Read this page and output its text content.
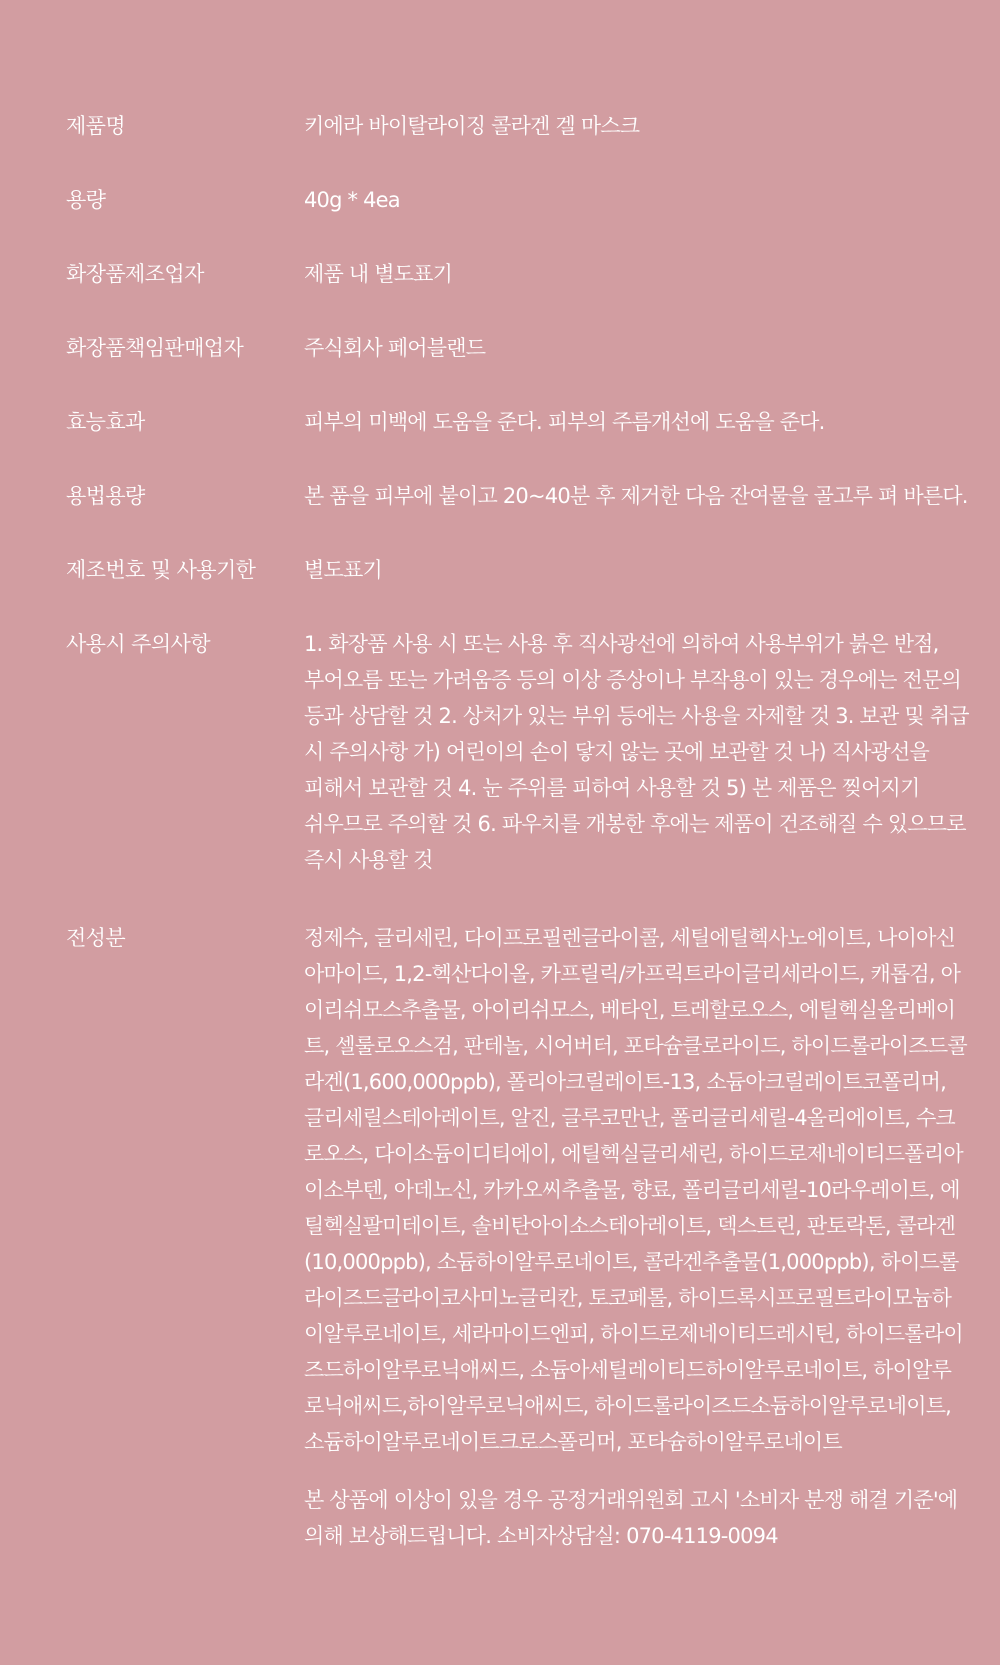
제품명	키에라 바이탈라이징 콜라겐 겔 마스크
용량	40g * 4ea
화장품제조업자	제품 내 별도표기
화장품책임판매업자	주식회사 페어블랜드
효능효과	피부의 미백에 도움을 준다. 피부의 주름개선에 도움을 준다.
용법용량	본 품을 피부에 붙이고 20~40분 후 제거한 다음 잔여물을 골고루 펴 바른다.
제조번호 및 사용기한	별도표기
사용시 주의사항	1. 화장품 사용 시 또는 사용 후 직사광선에 의하여 사용부위가 붉은 반점, 부어오름 또는 가려움증 등의 이상 증상이나 부작용이 있는 경우에는 전문의 등과 상담할 것 2. 상처가 있는 부위 등에는 사용을 자제할 것 3. 보관 및 취급 시 주의사항 가) 어린이의 손이 닿지 않는 곳에 보관할 것 나) 직사광선을 피해서 보관할 것 4. 눈 주위를 피하여 사용할 것 5) 본 제품은 찢어지기 쉬우므로 주의할 것 6. 파우치를 개봉한 후에는 제품이 건조해질 수 있으므로 즉시 사용할 것
전성분	정제수, 글리세린, 다이프로필렌글라이콜, 세틸에틸헥사노에이트, 나이아신아마이드, 1,2-헥산다이올, 카프릴릭/카프릭트라이글리세라이드, 캐롭검, 아이리쉬모스추출물, 아이리쉬모스, 베타인, 트레할로오스, 에틸헥실올리베이트, 셀룰로오스검, 판테놀, 시어버터, 포타슘클로라이드, 하이드롤라이즈드콜라겐(1,600,000ppb), 폴리아크릴레이트-13, 소듐아크릴레이트코폴리머, 글리세릴스테아레이트, 알진, 글루코만난, 폴리글리세릴-4올리에이트, 수크로오스, 다이소듐이디티에이, 에틸헥실글리세린, 하이드로제네이티드폴리아이소부텐, 아데노신, 카카오씨추출물, 향료, 폴리글리세릴-10라우레이트, 에틸헥실팔미테이트, 솔비탄아이소스테아레이트, 덱스트린, 판토락톤, 콜라겐(10,000ppb), 소듐하이알루로네이트, 콜라겐추출물(1,000ppb), 하이드롤라이즈드글라이코사미노글리칸, 토코페롤, 하이드록시프로필트라이모늄하이알루로네이트, 세라마이드엔피, 하이드로제네이티드레시틴, 하이드롤라이즈드하이알루로닉애씨드, 소듐아세틸레이티드하이알루로네이트, 하이알루로닉애씨드,하이알루로닉애씨드, 하이드롤라이즈드소듐하이알루로네이트, 소듐하이알루로네이트크로스폴리머, 포타슘하이알루로네이트
본 상품에 이상이 있을 경우 공정거래위원회 고시 '소비자 분쟁 해결 기준'에 의해 보상해드립니다. 소비자상담실: 070-4119-0094
